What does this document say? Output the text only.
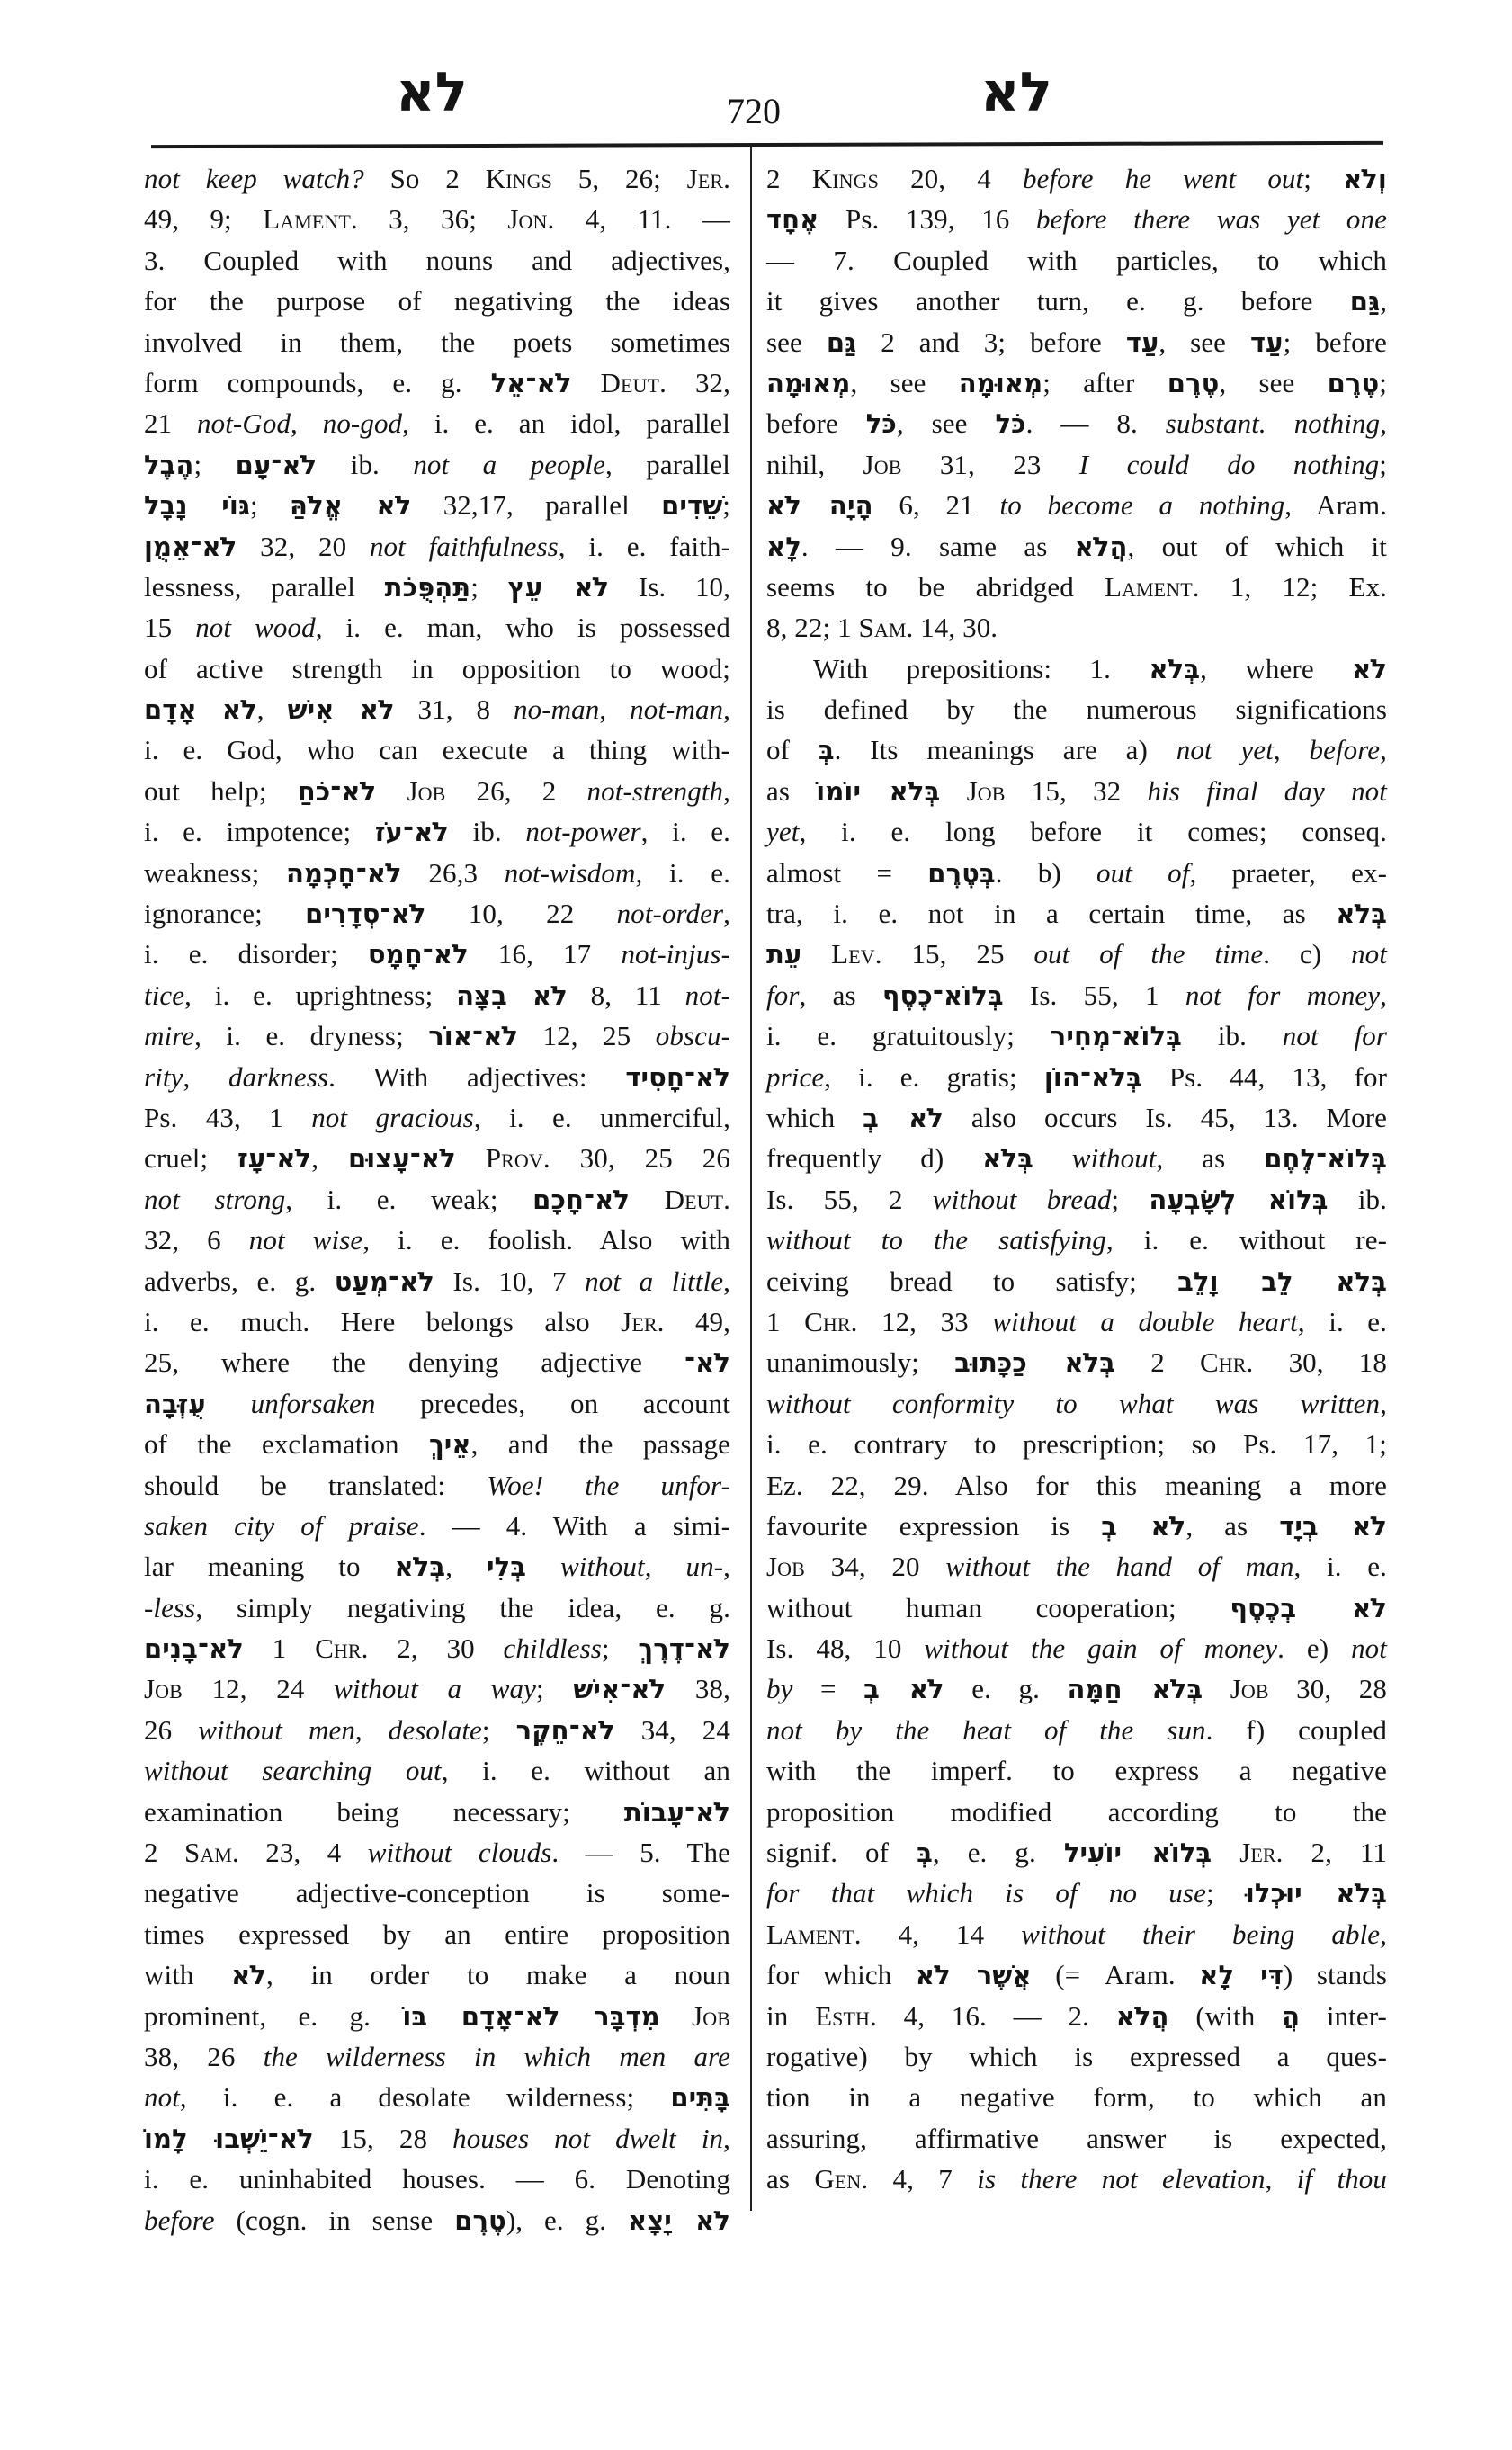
לא	720	לא
not keep watch? So 2 Kings 5, 26; Jer.
49, 9; Lament. 3, 36; Jon. 4, 11. —
3. Coupled with nouns and adjectives,
for the purpose of negativing the ideas
involved in them, the poets sometimes
form compounds, e. g. לֹא־אֵל Deut. 32,
21 not-God, no-god, i. e. an idol, parallel
הֶבֶל; לֹא־עָם ib. not a people, parallel
גּוֹי נָבָל; לֹא אֱלֹהַּ 32,17, parallel שֵׁדִים;
לֹא־אֵמֻן 32, 20 not faithfulness, i. e. faith-
lessness, parallel תַּהְפֻּכֹת; לֹא עֵץ Is. 10,
15 not wood, i. e. man, who is possessed
of active strength in opposition to wood;
לֹא אָדָם, לֹא אִישׁ 31, 8 no-man, not-man,
i. e. God, who can execute a thing with-
out help; לֹא־כֹחַ Job 26, 2 not-strength,
i. e. impotence; לֹא־עֹז ib. not-power, i. e.
weakness; לֹא־חָכְמָה 26,3 not-wisdom, i. e.
ignorance; לֹא־סְדָרִים 10, 22 not-order,
i. e. disorder; לֹא־חָמָס 16, 17 not-injus-
tice, i. e. uprightness; לֹא בִצָּה 8, 11 not-
mire, i. e. dryness; לֹא־אוֹר 12, 25 obscu-
rity, darkness. With adjectives: לֹא־חָסִיד
Ps. 43, 1 not gracious, i. e. unmerciful,
cruel; לֹא־עָז, לֹא־עָצוּם Prov. 30, 25 26
not strong, i. e. weak; לֹא־חָכָם Deut.
32, 6 not wise, i. e. foolish. Also with
adverbs, e. g. לֹא־מְעַט Is. 10, 7 not a little,
i. e. much. Here belongs also Jer. 49,
25, where the denying adjective לֹא־
עֻזְּבָה unforsaken precedes, on account
of the exclamation אֵיךְ, and the passage
should be translated: Woe! the unfor-
saken city of praise. — 4. With a simi-
lar meaning to בְּלֹא, בְּלִי without, un-,
-less, simply negativing the idea, e. g.
לֹא־בָנִים 1 Chr. 2, 30 childless; לֹא־דֶרֶךְ
Job 12, 24 without a way; לֹא־אִישׁ 38,
26 without men, desolate; לֹא־חֵקֶר 34, 24
without searching out, i. e. without an
examination being necessary; לֹא־עָבוֹת
2 Sam. 23, 4 without clouds. — 5. The
negative adjective-conception is some-
times expressed by an entire proposition
with לֹא, in order to make a noun
prominent, e. g. מִדְבָּר לֹא־אָדָם בּוֹ Job
38, 26 the wilderness in which men are
not, i. e. a desolate wilderness; בָּתִּים
לֹא־יֵשְׁבוּ לָמוֹ 15, 28 houses not dwelt in,
i. e. uninhabited houses. — 6. Denoting
before (cogn. in sense טֶרֶם), e. g. לֹא יָצָא
2 Kings 20, 4 before he went out; וְלֹא
אֶחָד Ps. 139, 16 before there was yet one
— 7. Coupled with particles, to which
it gives another turn, e. g. before גַּם,
see גַּם 2 and 3; before עַד, see עַד; before
מְאוּמָה, see מְאוּמָה; after טֶרֶם, see טֶרֶם;
before כֹּל, see כֹּל. — 8. substant. nothing,
nihil, Job 31, 23 I could do nothing;
הָיָה לֹא 6, 21 to become a nothing, Aram.
לָא. — 9. same as הֲלֹא, out of which it
seems to be abridged Lament. 1, 12; Ex.
8, 22; 1 Sam. 14, 30.
With prepositions: 1. בְּלֹא, where לֹא
is defined by the numerous significations
of בְּ. Its meanings are a) not yet, before,
as בְּלֹא יוֹמוֹ Job 15, 32 his final day not
yet, i. e. long before it comes; conseq.
almost = בְּטֶרֶם. b) out of, praeter, ex-
tra, i. e. not in a certain time, as בְּלֹא
עֵת Lev. 15, 25 out of the time. c) not
for, as בְּלוֹא־כֶסֶף Is. 55, 1 not for money,
i. e. gratuitously; בְּלוֹא־מְחִיר ib. not for
price, i. e. gratis; בְּלֹא־הוֹן Ps. 44, 13, for
which לֹא בְ also occurs Is. 45, 13. More
frequently d) בְּלֹא without, as בְּלוֹא־לֶחֶם
Is. 55, 2 without bread; בְּלוֹא לְשָׂבְעָה ib.
without to the satisfying, i. e. without re-
ceiving bread to satisfy; בְּלֹא לֵב וָלֵב
1 Chr. 12, 33 without a double heart, i. e.
unanimously; בְּלֹא כַכָּתוּב 2 Chr. 30, 18
without conformity to what was written,
i. e. contrary to prescription; so Ps. 17, 1;
Ez. 22, 29. Also for this meaning a more
favourite expression is לֹא בְ, as לֹא בְיָד
Job 34, 20 without the hand of man, i. e.
without human cooperation; לֹא בְכֶסֶף
Is. 48, 10 without the gain of money. e) not
by = לֹא בְ e. g. בְּלֹא חַמָּה Job 30, 28
not by the heat of the sun. f) coupled
with the imperf. to express a negative
proposition modified according to the
signif. of בְּ, e. g. בְּלוֹא יוֹעִיל Jer. 2, 11
for that which is of no use; בְּלֹא יוּכְלוּ
Lament. 4, 14 without their being able,
for which אֲשֶׁר לֹא (= Aram. דִּי לָא) stands
in Esth. 4, 16. — 2. הֲלֹא (with הֲ inter-
rogative) by which is expressed a ques-
tion in a negative form, to which an
assuring, affirmative answer is expected,
as Gen. 4, 7 is there not elevation, if thou
